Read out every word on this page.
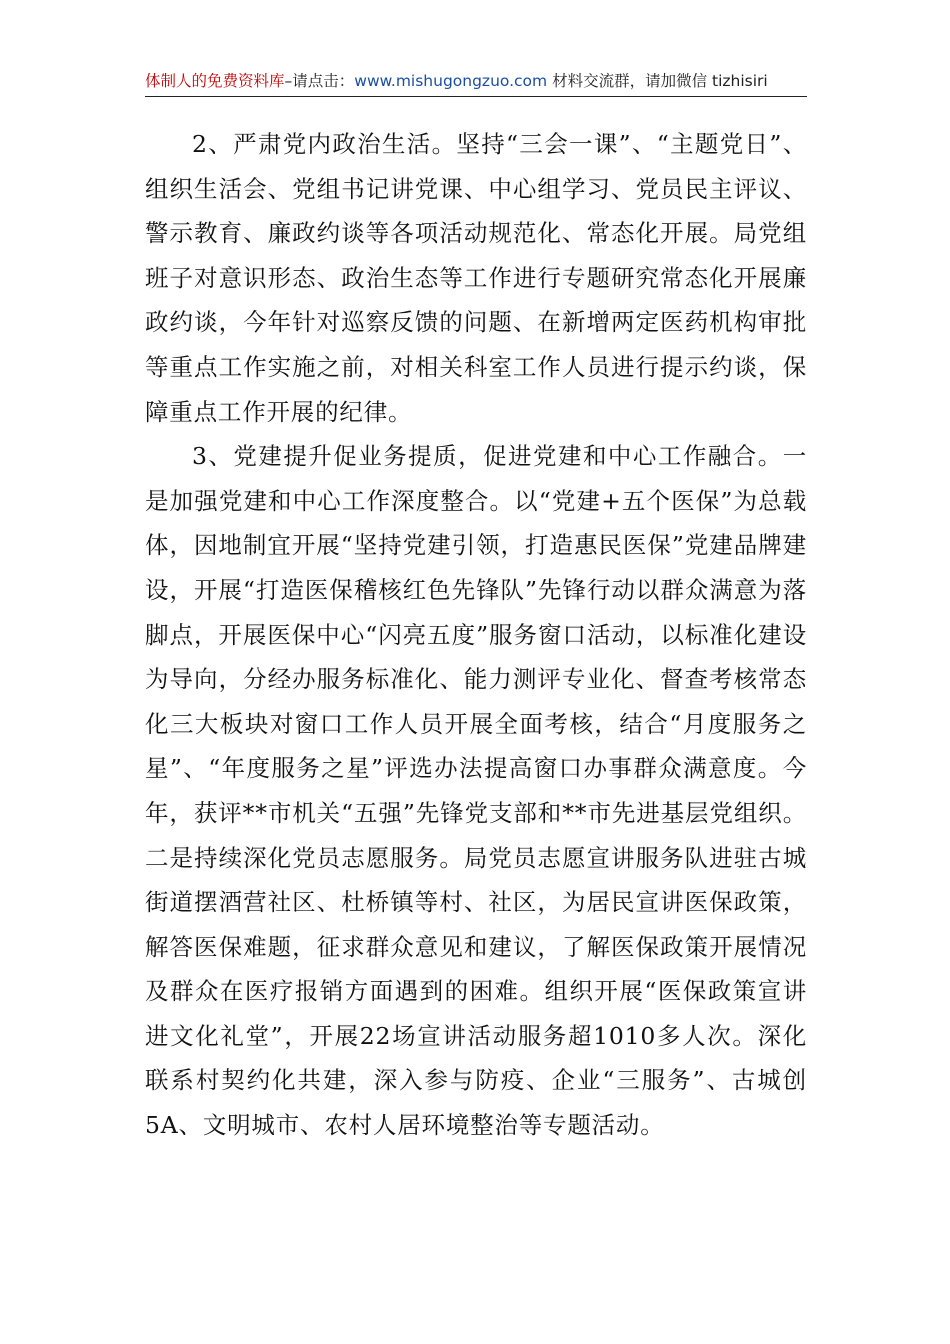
体制人的免费资料库–请点击：www.mishugongzuo.com 材料交流群，请加微信 tizhisiri

2、严肃党内政治生活。坚持“三会一课”、“主题党日”、组织生活会、党组书记讲党课、中心组学习、党员民主评议、警示教育、廉政约谈等各项活动规范化、常态化开展。局党组班子对意识形态、政治生态等工作进行专题研究常态化开展廉政约谈，今年针对巡察反馈的问题、在新增两定医药机构审批等重点工作实施之前，对相关科室工作人员进行提示约谈，保障重点工作开展的纪律。

3、党建提升促业务提质，促进党建和中心工作融合。一是加强党建和中心工作深度整合。以“党建+五个医保”为总载体，因地制宜开展“坚持党建引领，打造惠民医保”党建品牌建设，开展“打造医保稽核红色先锋队”先锋行动以群众满意为落脚点，开展医保中心“闪亮五度”服务窗口活动，以标准化建设为导向，分经办服务标准化、能力测评专业化、督查考核常态化三大板块对窗口工作人员开展全面考核，结合“月度服务之星”、“年度服务之星”评选办法提高窗口办事群众满意度。今年，获评**市机关“五强”先锋党支部和**市先进基层党组织。二是持续深化党员志愿服务。局党员志愿宣讲服务队进驻古城街道摆酒营社区、杜桥镇等村、社区，为居民宣讲医保政策，解答医保难题，征求群众意见和建议，了解医保政策开展情况及群众在医疗报销方面遇到的困难。组织开展“医保政策宣讲进文化礼堂”，开展22场宣讲活动服务超1010多人次。深化联系村契约化共建，深入参与防疫、企业“三服务”、古城创5A、文明城市、农村人居环境整治等专题活动。
